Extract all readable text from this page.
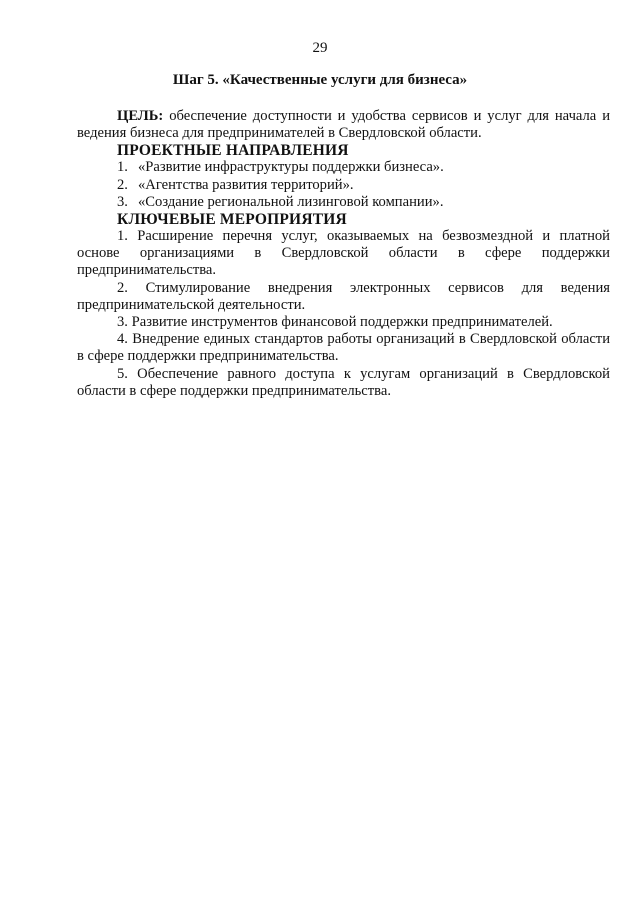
29
Шаг 5. «Качественные услуги для бизнеса»

ЦЕЛЬ: обеспечение доступности и удобства сервисов и услуг для начала и ведения бизнеса для предпринимателей в Свердловской области.

ПРОЕКТНЫЕ НАПРАВЛЕНИЯ
1. «Развитие инфраструктуры поддержки бизнеса».
2. «Агентства развития территорий».
3. «Создание региональной лизинговой компании».
КЛЮЧЕВЫЕ МЕРОПРИЯТИЯ
1. Расширение перечня услуг, оказываемых на безвозмездной и платной основе организациями в Свердловской области в сфере поддержки предпринимательства.
2. Стимулирование внедрения электронных сервисов для ведения предпринимательской деятельности.
3. Развитие инструментов финансовой поддержки предпринимателей.
4. Внедрение единых стандартов работы организаций в Свердловской области в сфере поддержки предпринимательства.
5. Обеспечение равного доступа к услугам организаций в Свердловской области в сфере поддержки предпринимательства.
